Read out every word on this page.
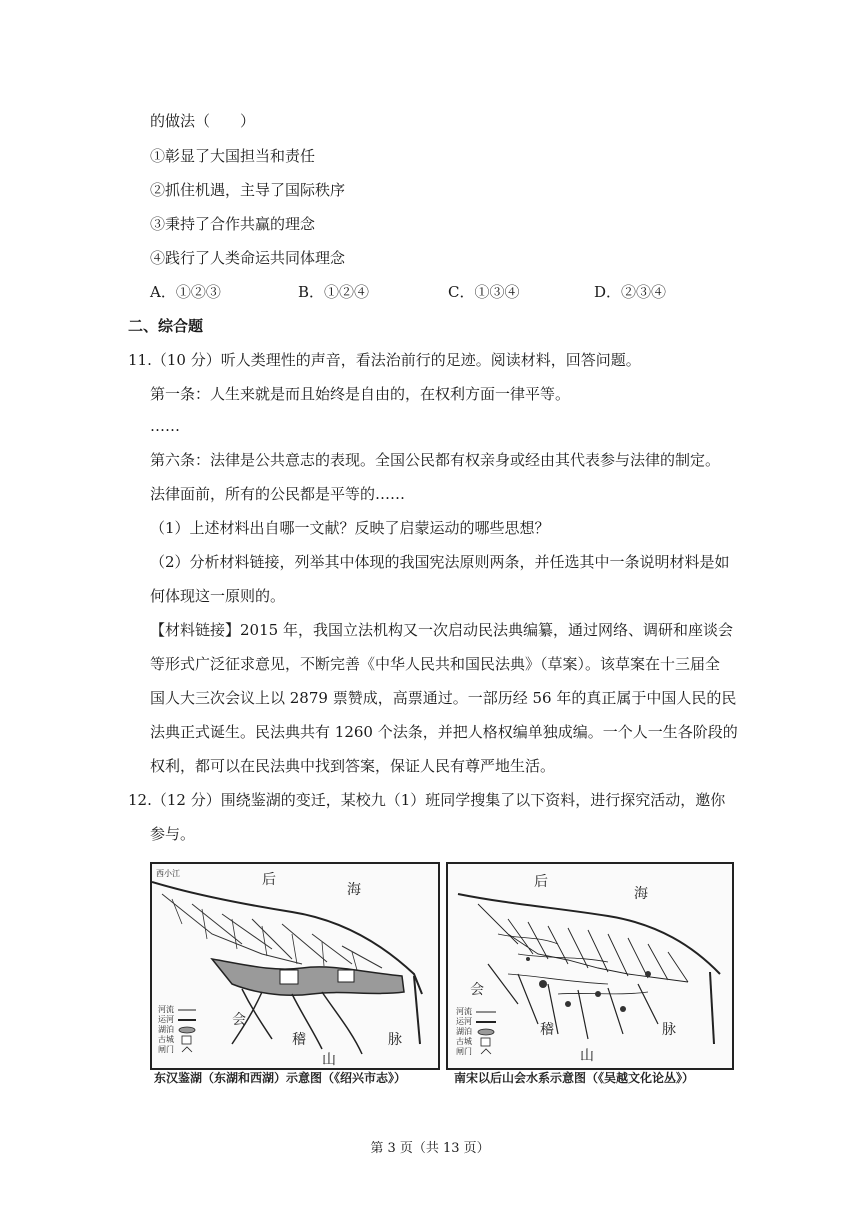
的做法（　　）
①彰显了大国担当和责任
②抓住机遇，主导了国际秩序
③秉持了合作共赢的理念
④践行了人类命运共同体理念
A．①②③	B．①②④	C．①③④	D．②③④
二、综合题
11.（10 分）听人类理性的声音，看法治前行的足迹。阅读材料，回答问题。
第一条：人生来就是而且始终是自由的，在权利方面一律平等。
……
第六条：法律是公共意志的表现。全国公民都有权亲身或经由其代表参与法律的制定。
法律面前，所有的公民都是平等的……
（1）上述材料出自哪一文献？反映了启蒙运动的哪些思想？
（2）分析材料链接，列举其中体现的我国宪法原则两条，并任选其中一条说明材料是如
何体现这一原则的。
【材料链接】2015 年，我国立法机构又一次启动民法典编纂，通过网络、调研和座谈会
等形式广泛征求意见，不断完善《中华人民共和国民法典》（草案）。该草案在十三届全
国人大三次会议上以 2879 票赞成，高票通过。一部历经 56 年的真正属于中国人民的民
法典正式诞生。民法典共有 1260 个法条，并把人格权编单独成编。一个人一生各阶段的
权利，都可以在民法典中找到答案，保证人民有尊严地生活。
12.（12 分）围绕鉴湖的变迁，某校九（1）班同学搜集了以下资料，进行探究活动，邀你
参与。
后
海
会
稽	脉
山
西小江
河流
运河
湖泊
古城
闸门
后
海
会
稽	脉
山
河流
运河
湖泊
古城
闸门
东汉鉴湖（东湖和西湖）示意图（《绍兴市志》）	南宋以后山会水系示意图（《吴越文化论丛》）
第 3 页（共 13 页）
